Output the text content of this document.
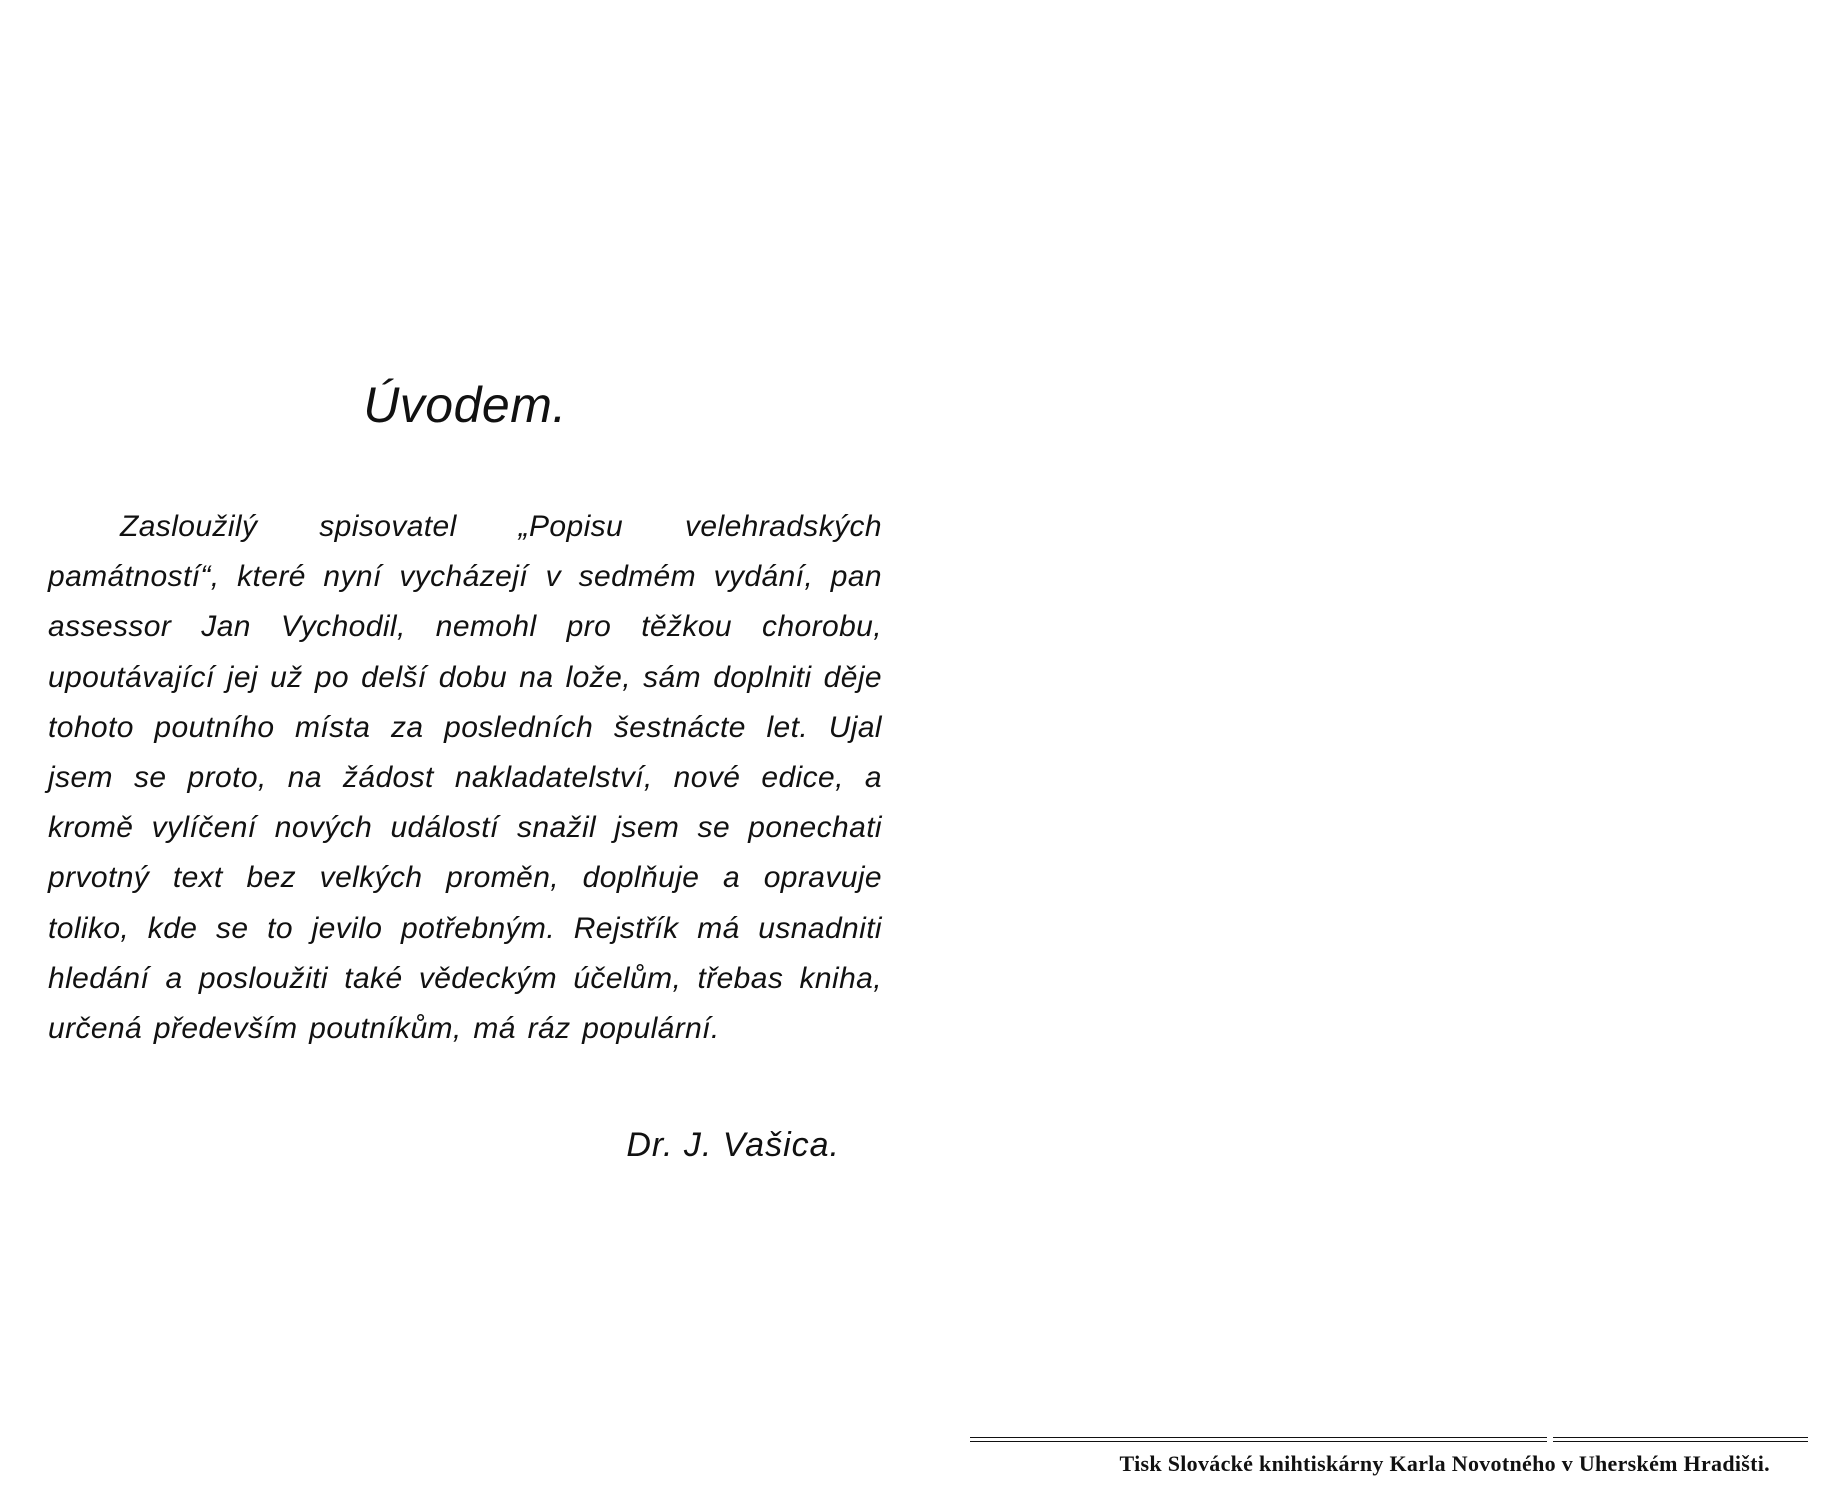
Úvodem.

Zasloužilý spisovatel „Popisu velehradských památností“, které nyní vycházejí v sedmém vydání, pan assessor Jan Vychodil, nemohl pro těžkou chorobu, upoutávající jej už po delší dobu na lože, sám doplniti děje tohoto poutního místa za posledních šestnácte let. Ujal jsem se proto, na žádost nakladatelství, nové edice, a kromě vylíčení nových událostí snažil jsem se ponechati prvotný text bez velkých proměn, doplňuje a opravuje toliko, kde se to jevilo potřebným. Rejstřík má usnadniti hledání a posloužiti také vědeckým účelům, třebas kniha, určená především poutníkům, má ráz populární.

Dr. J. Vašica.

Tisk Slovácké knihtiskárny Karla Novotného v Uherském Hradišti.
